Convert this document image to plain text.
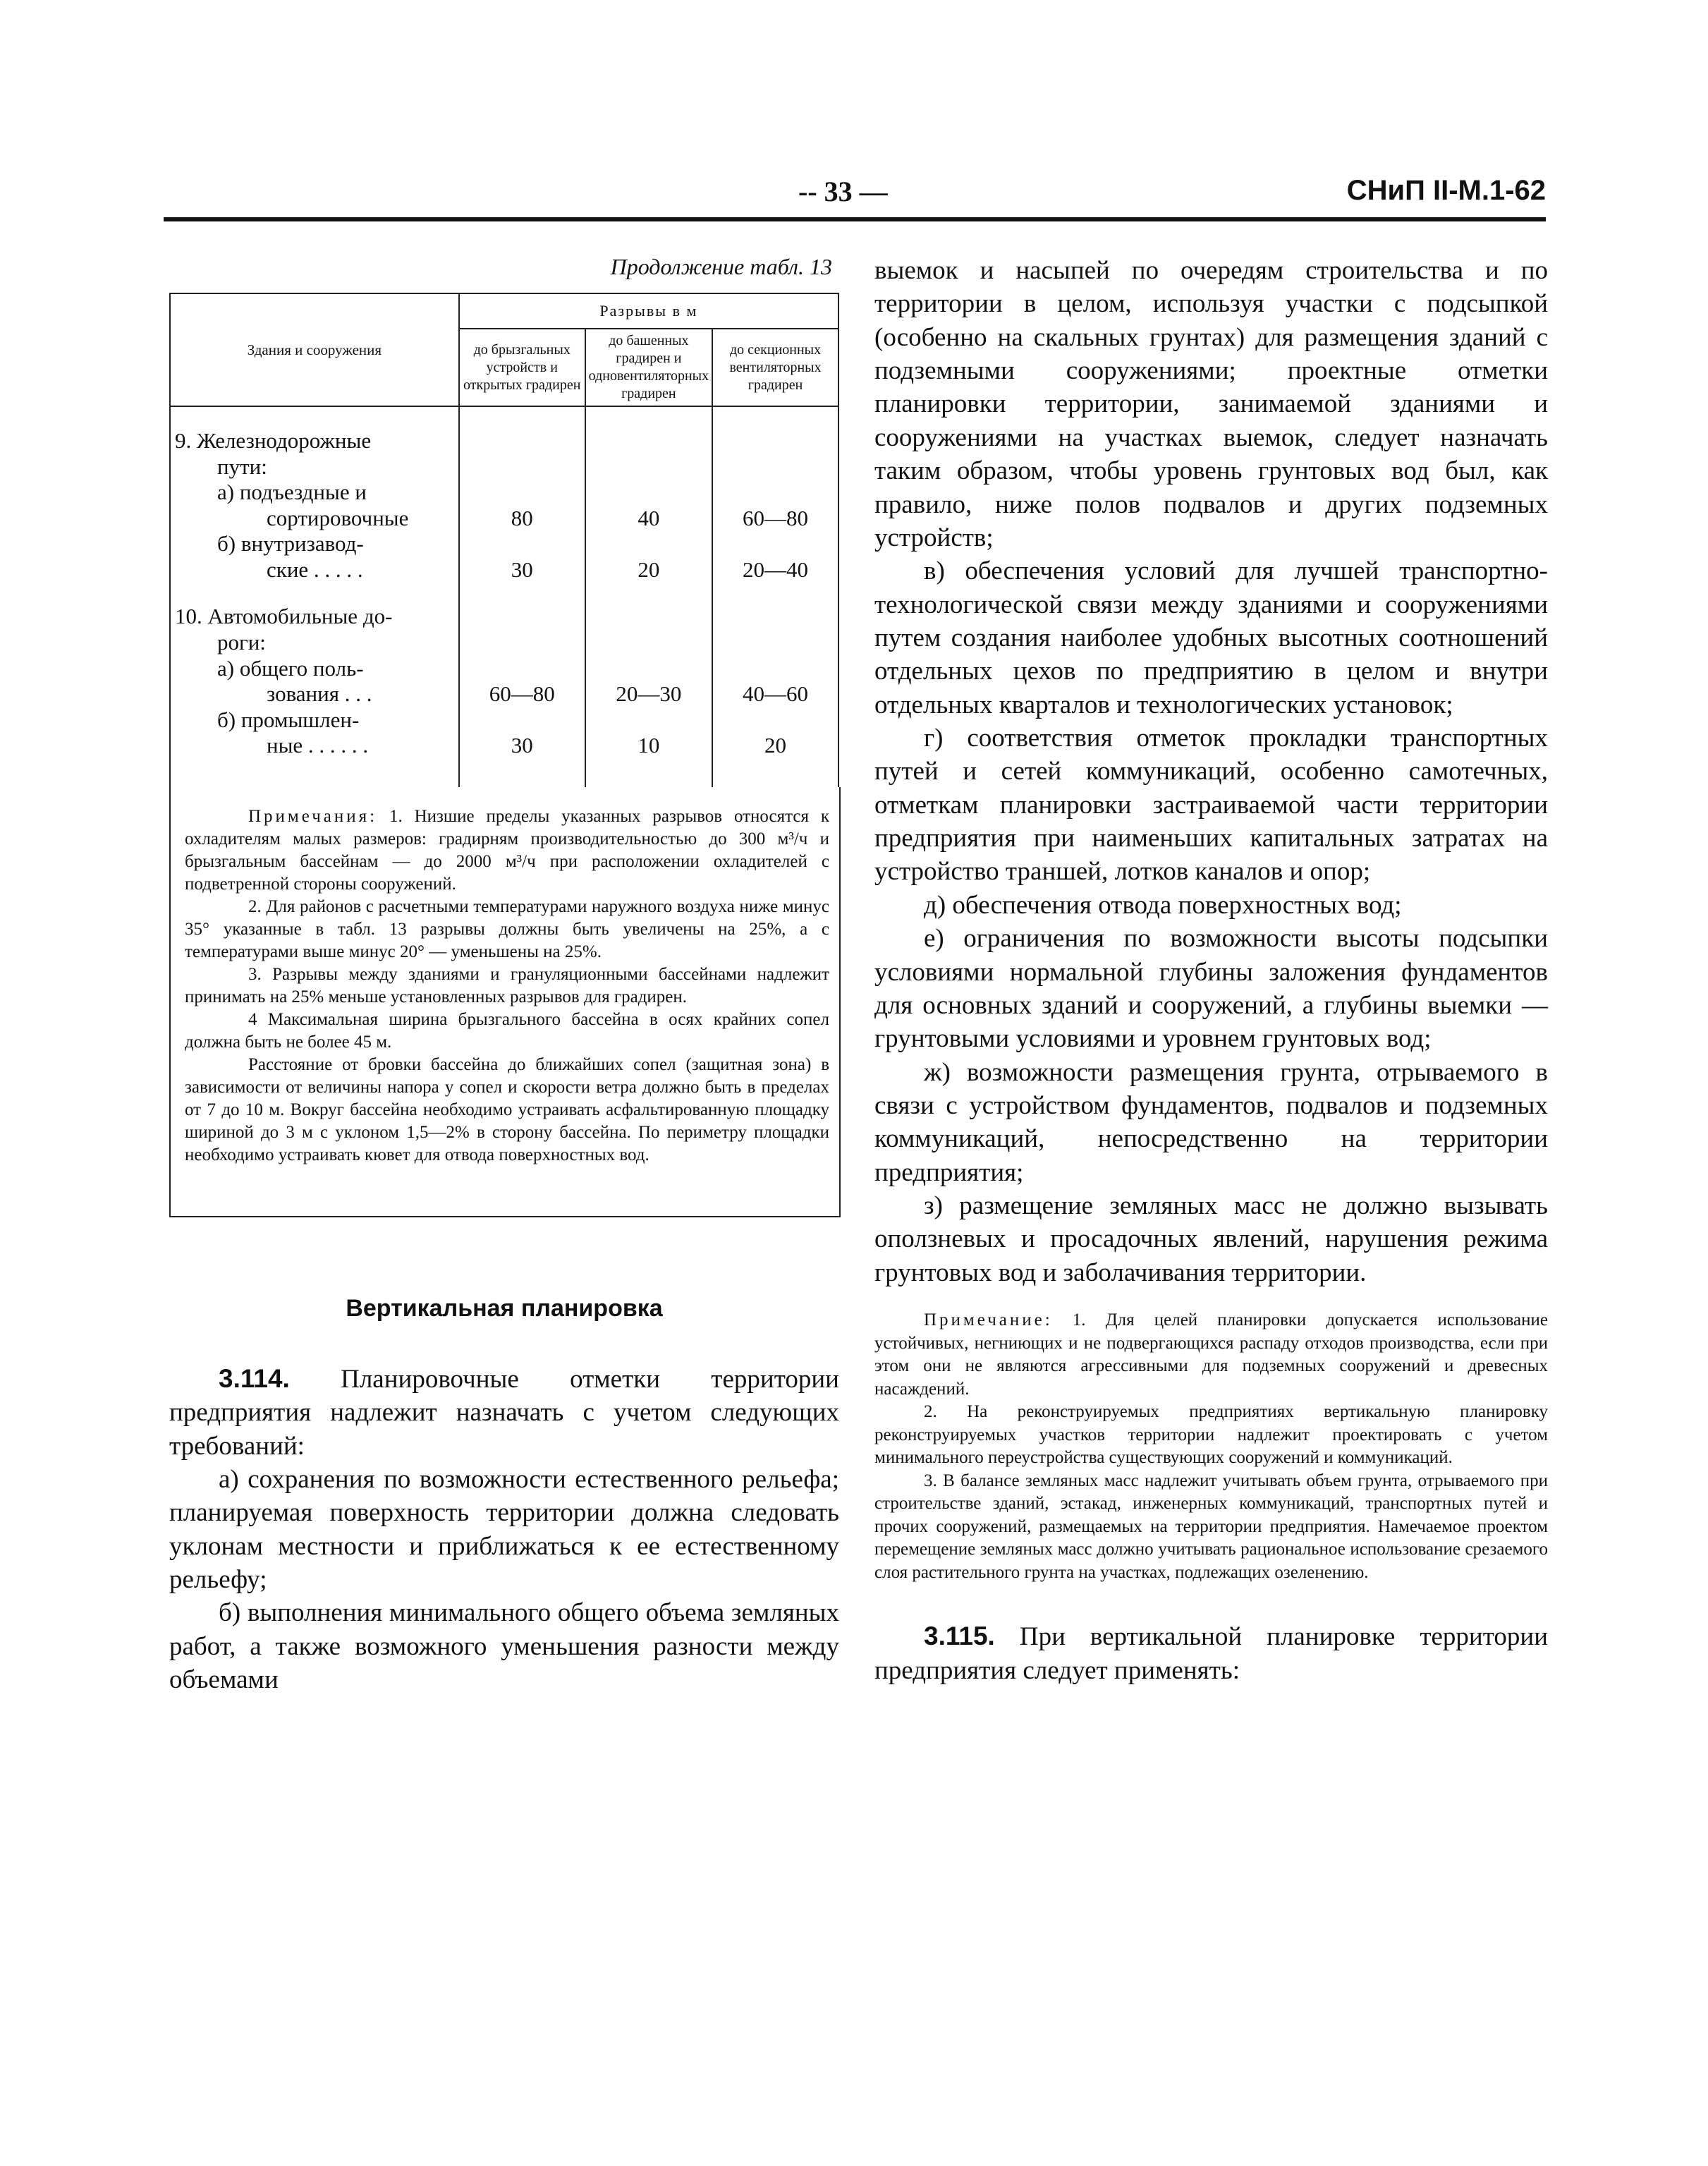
-- 33 —	СНиП II-М.1-62
Продолжение табл. 13
Здания и сооружения	Разрывы в м		
	до брызгальных устройств и открытых градирен	до башенных градирен и одновентиляторных градирен	до секционных вентиляторных градирен

9. Железнодорожные			

пути:			

а) подъездные и			

сортировочные	80	40	60—80

б) внутризавод-			

ские . . . . .	30	20	20—40

10. Автомобильные до-			

роги:			

а) общего поль-			

зования . . .	60—80	20—30	40—60

б) промышлен-			

ные . . . . . .	30	10	20

Примечания: 1. Низшие пределы указанных разрывов относятся к охладителям малых размеров: градирням производительностью до 300 м³/ч и брызгальным бассейнам — до 2000 м³/ч при расположении охладителей с подветренной стороны сооружений.

2. Для районов с расчетными температурами наружного воздуха ниже минус 35° указанные в табл. 13 разрывы должны быть увеличены на 25%, а с температурами выше минус 20° — уменьшены на 25%.

3. Разрывы между зданиями и грануляционными бассейнами надлежит принимать на 25% меньше установленных разрывов для градирен.

4 Максимальная ширина брызгального бассейна в осях крайних сопел должна быть не более 45 м.

Расстояние от бровки бассейна до ближайших сопел (защитная зона) в зависимости от величины напора у сопел и скорости ветра должно быть в пределах от 7 до 10 м. Вокруг бассейна необходимо устраивать асфальтированную площадку шириной до 3 м с уклоном 1,5—2% в сторону бассейна. По периметру площадки необходимо устраивать кювет для отвода поверхностных вод.

Вертикальная планировка

3.114. Планировочные отметки территории предприятия надлежит назначать с учетом следующих требований:

а) сохранения по возможности естественного рельефа; планируемая поверхность территории должна следовать уклонам местности и приближаться к ее естественному рельефу;

б) выполнения минимального общего объема земляных работ, а также возможного уменьшения разности между объемами

выемок и насыпей по очередям строительства и по территории в целом, используя участки с подсыпкой (особенно на скальных грунтах) для размещения зданий с подземными сооружениями; проектные отметки планировки территории, занимаемой зданиями и сооружениями на участках выемок, следует назначать таким образом, чтобы уровень грунтовых вод был, как правило, ниже полов подвалов и других подземных устройств;

в) обеспечения условий для лучшей транспортно-технологической связи между зданиями и сооружениями путем создания наиболее удобных высотных соотношений отдельных цехов по предприятию в целом и внутри отдельных кварталов и технологических установок;

г) соответствия отметок прокладки транспортных путей и сетей коммуникаций, особенно самотечных, отметкам планировки застраиваемой части территории предприятия при наименьших капитальных затратах на устройство траншей, лотков каналов и опор;

д) обеспечения отвода поверхностных вод;

е) ограничения по возможности высоты подсыпки условиями нормальной глубины заложения фундаментов для основных зданий и сооружений, а глубины выемки — грунтовыми условиями и уровнем грунтовых вод;

ж) возможности размещения грунта, отрываемого в связи с устройством фундаментов, подвалов и подземных коммуникаций, непосредственно на территории предприятия;

з) размещение земляных масс не должно вызывать оползневых и просадочных явлений, нарушения режима грунтовых вод и заболачивания территории.

Примечание: 1. Для целей планировки допускается использование устойчивых, негниющих и не подвергающихся распаду отходов производства, если при этом они не являются агрессивными для подземных сооружений и древесных насаждений.

2. На реконструируемых предприятиях вертикальную планировку реконструируемых участков территории надлежит проектировать с учетом минимального переустройства существующих сооружений и коммуникаций.

3. В балансе земляных масс надлежит учитывать объем грунта, отрываемого при строительстве зданий, эстакад, инженерных коммуникаций, транспортных путей и прочих сооружений, размещаемых на территории предприятия. Намечаемое проектом перемещение земляных масс должно учитывать рациональное использование срезаемого слоя растительного грунта на участках, подлежащих озеленению.

3.115. При вертикальной планировке территории предприятия следует применять:
